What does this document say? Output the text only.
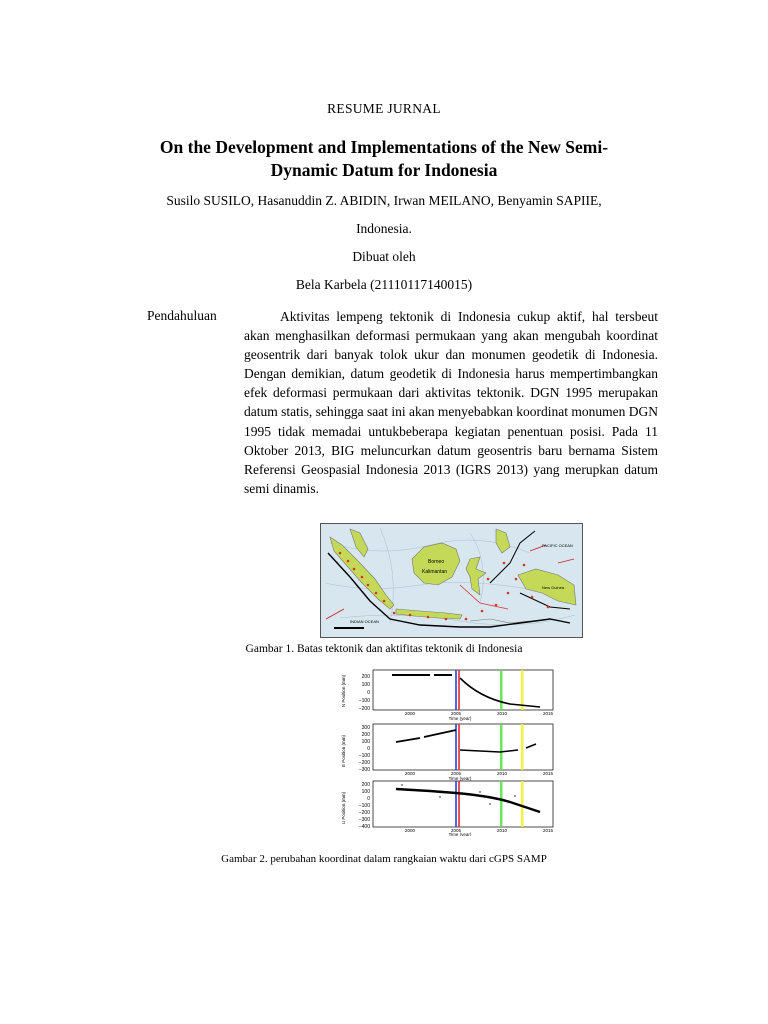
RESUME JURNAL
On the Development and Implementations of the New Semi-
Dynamic Datum for Indonesia
Susilo SUSILO, Hasanuddin Z. ABIDIN, Irwan MEILANO, Benyamin SAPIIE,
Indonesia.
Dibuat oleh
Bela Karbela (21110117140015)
Pendahuluan	Aktivitas lempeng tektonik di Indonesia cukup aktif, hal tersbeut akan menghasilkan deformasi permukaan yang akan mengubah koordinat geosentrik dari banyak tolok ukur dan monumen geodetik di Indonesia. Dengan demikian, datum geodetik di Indonesia harus mempertimbangkan efek deformasi permukaan dari aktivitas tektonik. DGN 1995 merupakan datum statis, sehingga saat ini akan menyebabkan koordinat monumen DGN 1995 tidak memadai untukbeberapa kegiatan penentuan posisi. Pada 11 Oktober 2013, BIG meluncurkan datum geosentris baru bernama Sistem Referensi Geospasial Indonesia 2013 (IGRS 2013) yang merupkan datum semi dinamis.
Borneo
Kalimantan
PACIFIC OCEAN
INDIAN OCEAN
New Guinea
Gambar 1. Batas tektonik dan aktifitas tektonik di Indonesia
N Position (mm)	200
100
0
−100
−200
2000	2005	2010	2015
Time (year)
E Position (mm)
300
200
100
0
−100
−200
−300
2000	2005	2010	2015
Time (year)
U Position (mm)
200
100
0
−100
−200
−300
−400
2000	2005	2010	2015
Time (year)
Gambar 2. perubahan koordinat dalam rangkaian waktu dari cGPS SAMP
